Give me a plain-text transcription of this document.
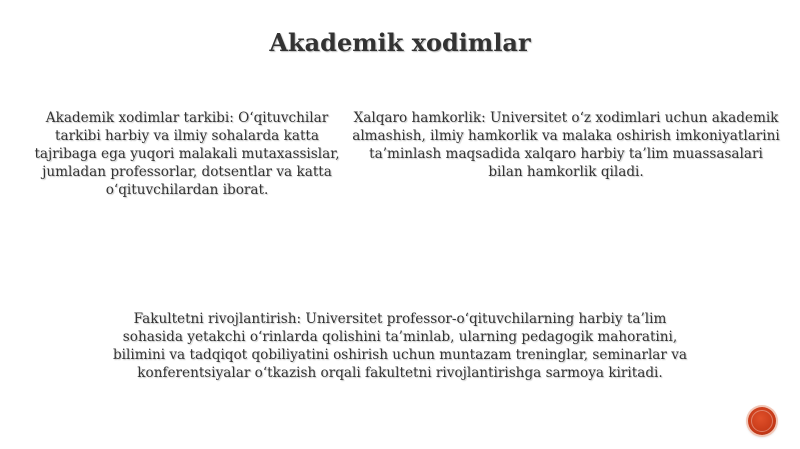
Akademik xodimlar

Akademik xodimlar tarkibi: O‘qituvchilar tarkibi harbiy va ilmiy sohalarda katta tajribaga ega yuqori malakali mutaxassislar, jumladan professorlar, dotsentlar va katta o‘qituvchilardan iborat.

Xalqaro hamkorlik: Universitet o‘z xodimlari uchun akademik almashish, ilmiy hamkorlik va malaka oshirish imkoniyatlarini ta’minlash maqsadida xalqaro harbiy ta’lim muassasalari bilan hamkorlik qiladi.

Fakultetni rivojlantirish: Universitet professor-o‘qituvchilarning harbiy ta’lim sohasida yetakchi o‘rinlarda qolishini ta’minlab, ularning pedagogik mahoratini, bilimini va tadqiqot qobiliyatini oshirish uchun muntazam treninglar, seminarlar va konferentsiyalar o‘tkazish orqali fakultetni rivojlantirishga sarmoya kiritadi.
